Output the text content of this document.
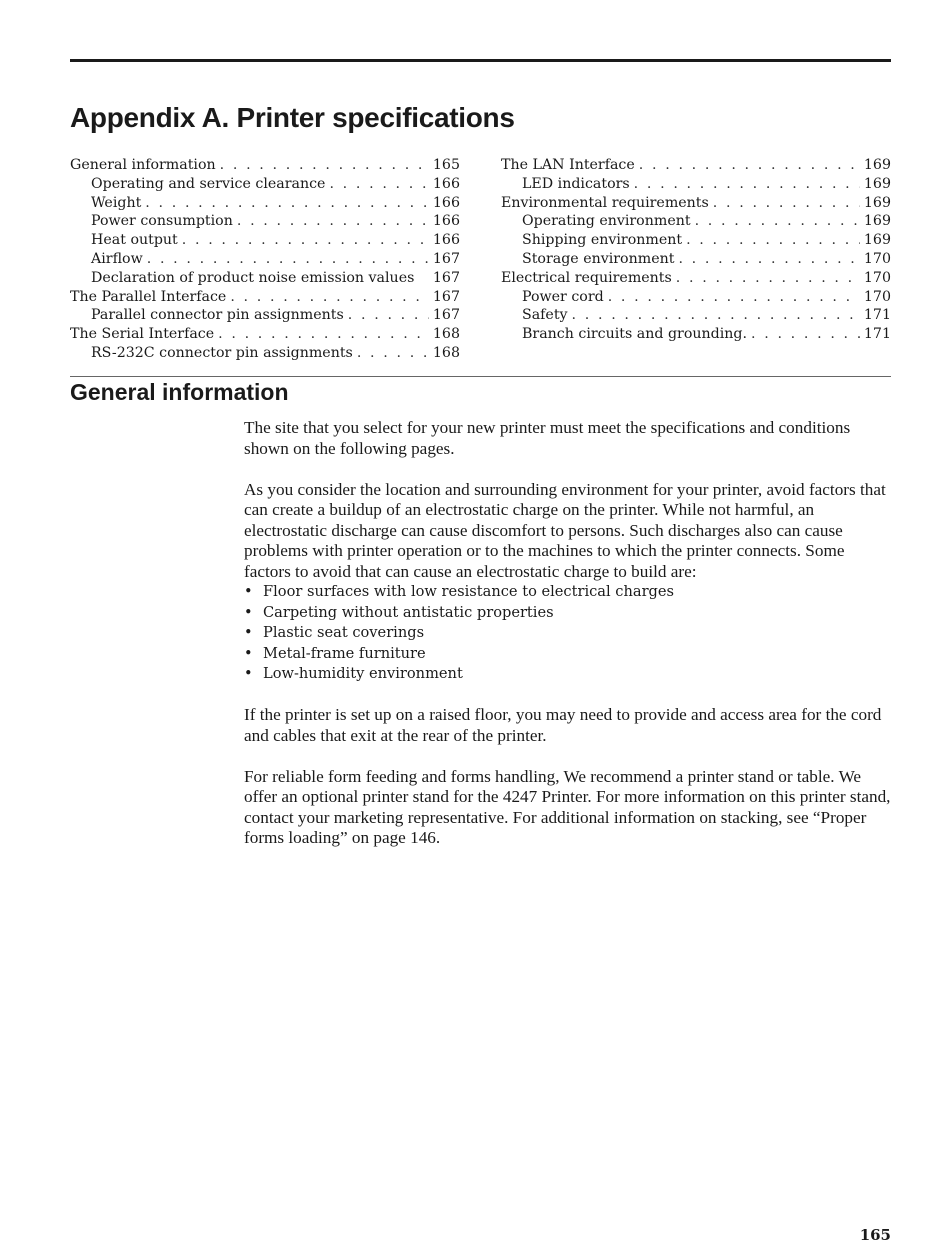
Appendix A. Printer specifications
General information . . .	165
Operating and service clearance . . .	166
Weight . . .	166
Power consumption . . .	166
Heat output . . .	166
Airflow . . .	167
Declaration of product noise emission values 167
The Parallel Interface . . .	167
Parallel connector pin assignments . . .	167
The Serial Interface . . .	168
RS-232C connector pin assignments . . .	168
The LAN Interface . . .	169
LED indicators . . .	169
Environmental requirements . . .	169
Operating environment . . .	169
Shipping environment . . .	169
Storage environment . . .	170
Electrical requirements . . .	170
Power cord . . .	170
Safety . . .	171
Branch circuits and grounding. . . .	171
General information

The site that you select for your new printer must meet the specifications and conditions shown on the following pages.

As you consider the location and surrounding environment for your printer, avoid factors that can create a buildup of an electrostatic charge on the printer. While not harmful, an electrostatic discharge can cause discomfort to persons. Such discharges also can cause problems with printer operation or to the machines to which the printer connects. Some factors to avoid that can cause an electrostatic charge to build are:

• Floor surfaces with low resistance to electrical charges
• Carpeting without antistatic properties
• Plastic seat coverings
• Metal-frame furniture
• Low-humidity environment

If the printer is set up on a raised floor, you may need to provide and access area for the cord and cables that exit at the rear of the printer.

For reliable form feeding and forms handling, We recommend a printer stand or table. We offer an optional printer stand for the 4247 Printer. For more information on this printer stand, contact your marketing representative. For additional information on stacking, see “Proper forms loading” on page 146.

165
